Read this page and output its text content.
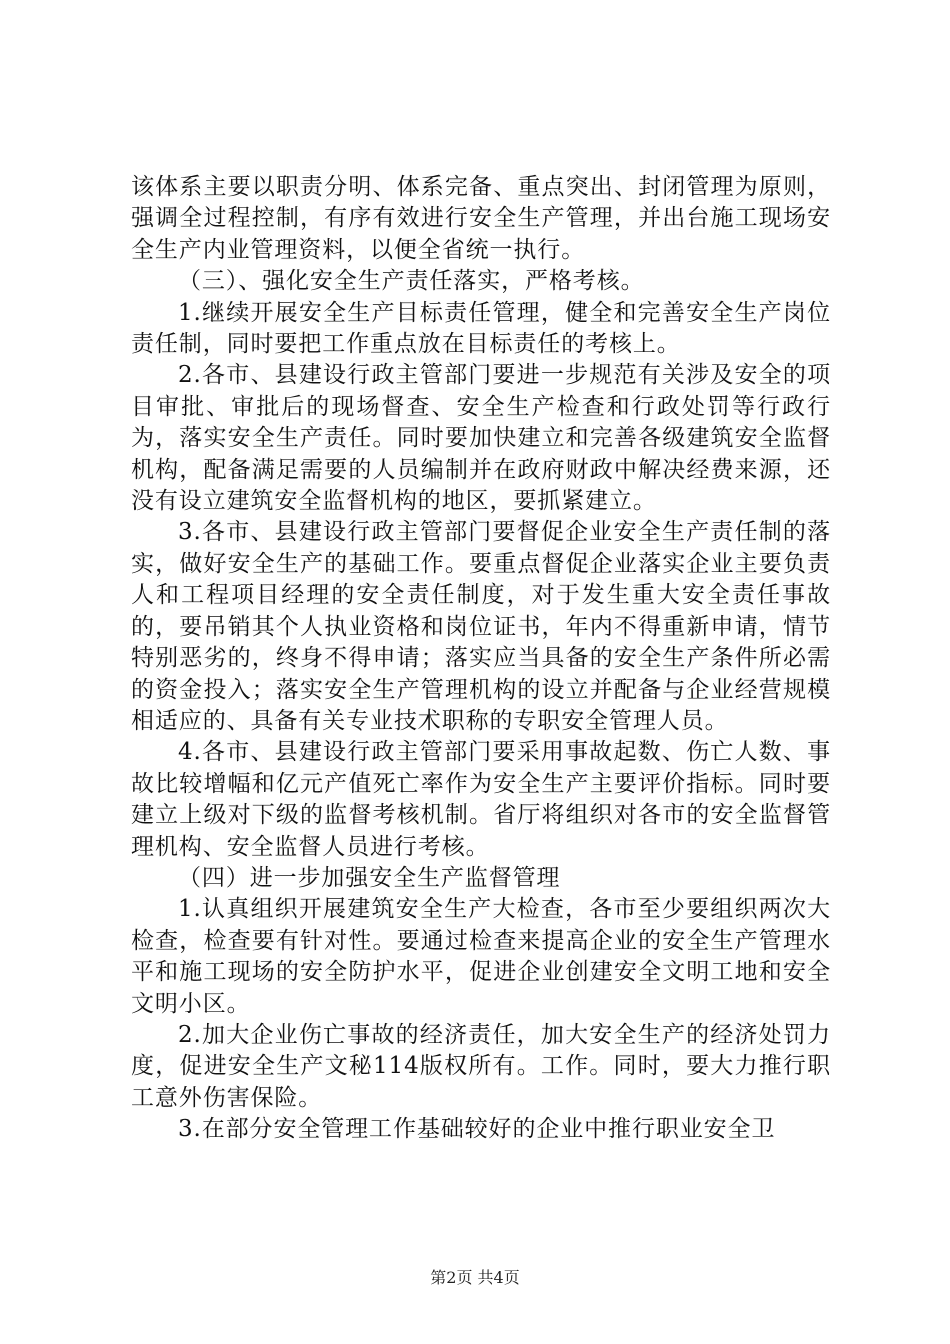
该体系主要以职责分明、体系完备、重点突出、封闭管理为原则，强调全过程控制，有序有效进行安全生产管理，并出台施工现场安全生产内业管理资料，以便全省统一执行。

（三）、强化安全生产责任落实，严格考核。

1.继续开展安全生产目标责任管理，健全和完善安全生产岗位责任制，同时要把工作重点放在目标责任的考核上。

2.各市、县建设行政主管部门要进一步规范有关涉及安全的项目审批、审批后的现场督查、安全生产检查和行政处罚等行政行为，落实安全生产责任。同时要加快建立和完善各级建筑安全监督机构，配备满足需要的人员编制并在政府财政中解决经费来源，还没有设立建筑安全监督机构的地区，要抓紧建立。

3.各市、县建设行政主管部门要督促企业安全生产责任制的落实，做好安全生产的基础工作。要重点督促企业落实企业主要负责人和工程项目经理的安全责任制度，对于发生重大安全责任事故的，要吊销其个人执业资格和岗位证书，年内不得重新申请，情节特别恶劣的，终身不得申请；落实应当具备的安全生产条件所必需的资金投入；落实安全生产管理机构的设立并配备与企业经营规模相适应的、具备有关专业技术职称的专职安全管理人员。

4.各市、县建设行政主管部门要采用事故起数、伤亡人数、事故比较增幅和亿元产值死亡率作为安全生产主要评价指标。同时要建立上级对下级的监督考核机制。省厅将组织对各市的安全监督管理机构、安全监督人员进行考核。

（四）进一步加强安全生产监督管理

1.认真组织开展建筑安全生产大检查，各市至少要组织两次大检查，检查要有针对性。要通过检查来提高企业的安全生产管理水平和施工现场的安全防护水平，促进企业创建安全文明工地和安全文明小区。

2.加大企业伤亡事故的经济责任，加大安全生产的经济处罚力度，促进安全生产文秘114版权所有。工作。同时，要大力推行职工意外伤害保险。

3.在部分安全管理工作基础较好的企业中推行职业安全卫

第2页 共4页
